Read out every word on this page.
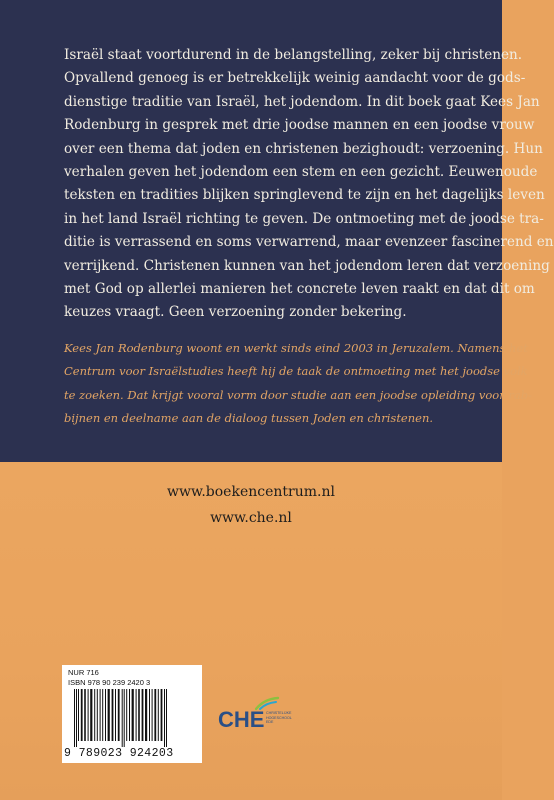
Israël staat voortdurend in de belangstelling, zeker bij christenen.
Opvallend genoeg is er betrekkelijk weinig aandacht voor de gods-
dienstige traditie van Israël, het jodendom. In dit boek gaat Kees Jan
Rodenburg in gesprek met drie joodse mannen en een joodse vrouw
over een thema dat joden en christenen bezighoudt: verzoening. Hun
verhalen geven het jodendom een stem en een gezicht. Eeuwenoude
teksten en tradities blijken springlevend te zijn en het dagelijks leven
in het land Israël richting te geven. De ontmoeting met de joodse tra-
ditie is verrassend en soms verwarrend, maar evenzeer fascinerend en
verrijkend. Christenen kunnen van het jodendom leren dat verzoening
met God op allerlei manieren het concrete leven raakt en dat dit om
keuzes vraagt. Geen verzoening zonder bekering.

Kees Jan Rodenburg woont en werkt sinds eind 2003 in Jeruzalem. Namens het
Centrum voor Israëlstudies heeft hij de taak de ontmoeting met het joodse volk
te zoeken. Dat krijgt vooral vorm door studie aan een joodse opleiding voor rab-
bijnen en deelname aan de dialoog tussen Joden en christenen.

www.boekencentrum.nl
www.che.nl
NUR 716
ISBN 978 90 239 2420 3
9 789023 924203
CHE CHRISTELIJKE
HOGESCHOOL
EDE
